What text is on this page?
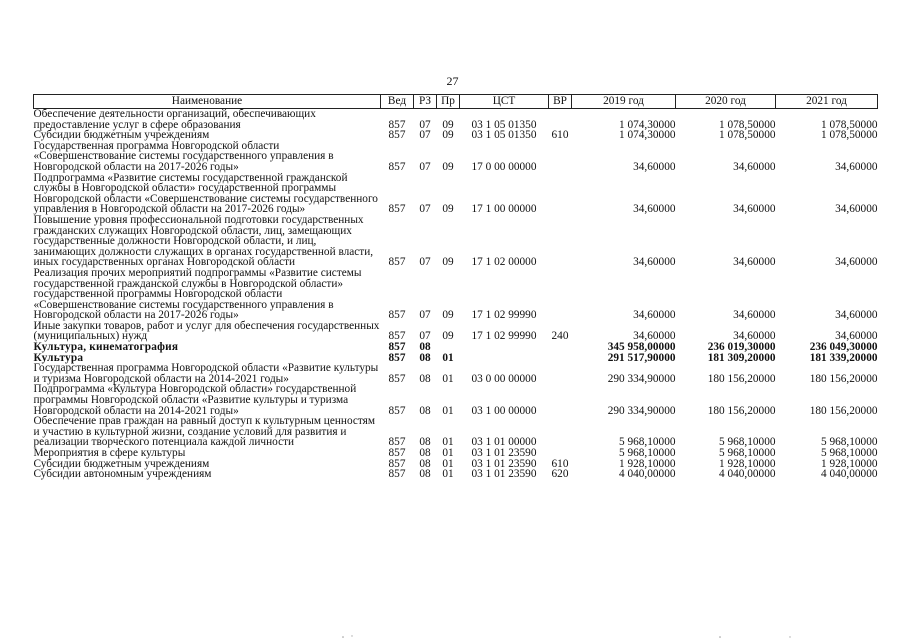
27
Наименование	Вед	РЗ	Пр	ЦСТ	ВР	2019 год	2020 год	2021 год
Обеспечение деятельности организаций, обеспечивающих предоставление услуг в сфере образования	857	07	09	03 1 05 01350		1 074,30000	1 078,50000	1 078,50000
Субсидии бюджетным учреждениям	857	07	09	03 1 05 01350	610	1 074,30000	1 078,50000	1 078,50000
Государственная программа Новгородской области «Совершенствование системы государственного управления в Новгородской области на 2017-2026 годы»	857	07	09	17 0 00 00000		34,60000	34,60000	34,60000
Подпрограмма «Развитие системы государственной гражданской службы в Новгородской области» государственной программы Новгородской области «Совершенствование системы государственного управления в Новгородской области на 2017-2026 годы»	857	07	09	17 1 00 00000		34,60000	34,60000	34,60000
Повышение уровня профессиональной подготовки государственных гражданских служащих Новгородской области, лиц, замещающих государственные должности Новгородской области, и лиц, занимающих должности служащих в органах государственной власти, иных государственных органах Новгородской области	857	07	09	17 1 02 00000		34,60000	34,60000	34,60000
Реализация прочих мероприятий подпрограммы «Развитие системы государственной гражданской службы в Новгородской области» государственной программы Новгородской области «Совершенствование системы государственного управления в Новгородской области на 2017-2026 годы»	857	07	09	17 1 02 99990		34,60000	34,60000	34,60000
Иные закупки товаров, работ и услуг для обеспечения государственных (муниципальных) нужд	857	07	09	17 1 02 99990	240	34,60000	34,60000	34,60000
Культура, кинематография	857	08				345 958,00000	236 019,30000	236 049,30000
Культура	857	08	01			291 517,90000	181 309,20000	181 339,20000
Государственная программа Новгородской области «Развитие культуры и туризма Новгородской области на 2014-2021 годы»	857	08	01	03 0 00 00000		290 334,90000	180 156,20000	180 156,20000
Подпрограмма «Культура Новгородской области» государственной программы Новгородской области «Развитие культуры и туризма Новгородской области на 2014-2021 годы»	857	08	01	03 1 00 00000		290 334,90000	180 156,20000	180 156,20000
Обеспечение прав граждан на равный доступ к культурным ценностям и участию в культурной жизни, создание условий для развития и реализации творческого потенциала каждой личности	857	08	01	03 1 01 00000		5 968,10000	5 968,10000	5 968,10000
Мероприятия в сфере культуры	857	08	01	03 1 01 23590		5 968,10000	5 968,10000	5 968,10000
Субсидии бюджетным учреждениям	857	08	01	03 1 01 23590	610	1 928,10000	1 928,10000	1 928,10000
Субсидии автономным учреждениям	857	08	01	03 1 01 23590	620	4 040,00000	4 040,00000	4 040,00000
